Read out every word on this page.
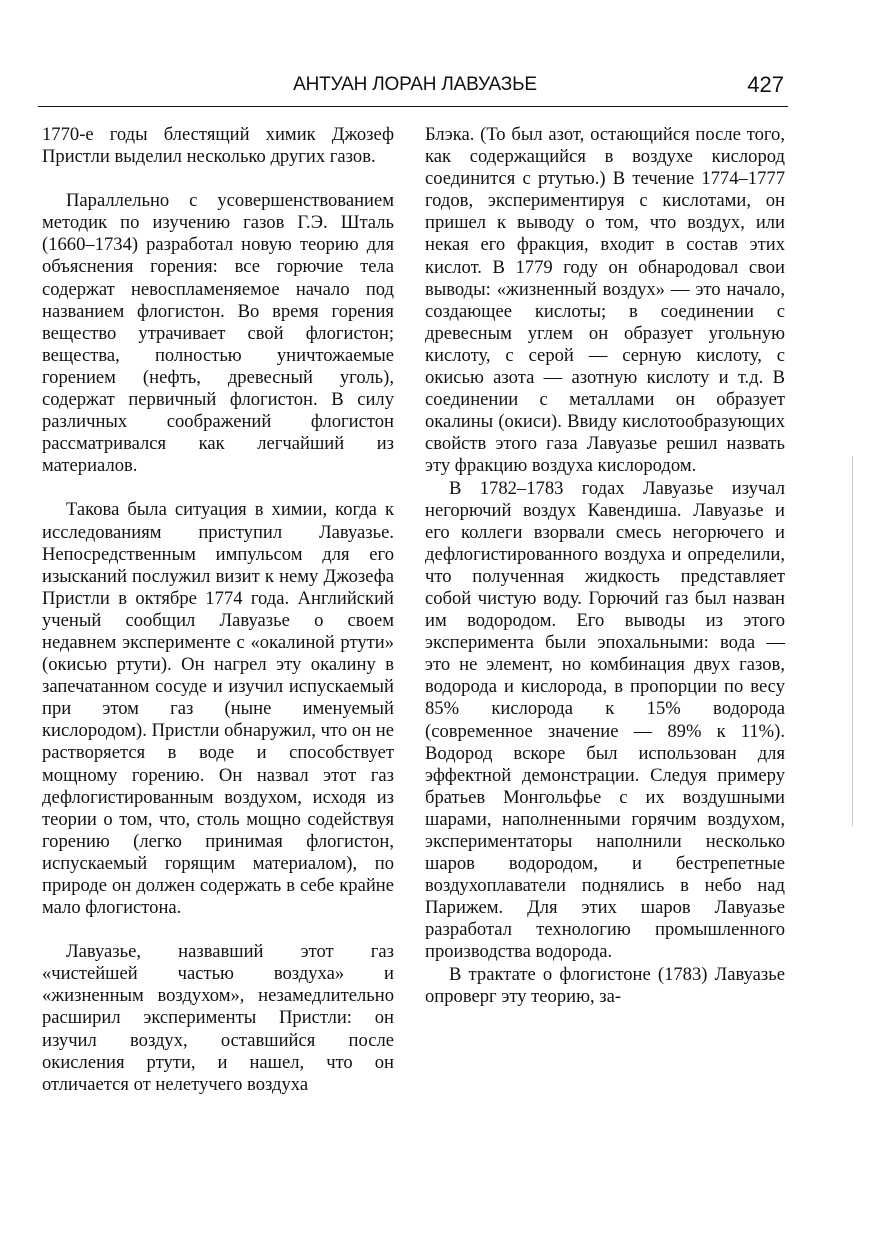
АНТУАН ЛОРАН ЛАВУАЗЬЕ	427

1770-е годы блестящий химик Джозеф Пристли выделил несколько других газов.

Параллельно с усовершенствованием методик по изучению газов Г.Э. Шталь (1660–1734) разработал новую теорию для объяснения горения: все горючие тела содержат невоспламеняемое начало под названием флогистон. Во время горения вещество утрачивает свой флогистон; вещества, полностью уничтожаемые горением (нефть, древесный уголь), содержат первичный флогистон. В силу различных соображений флогистон рассматривался как легчайший из материалов.

Такова была ситуация в химии, когда к исследованиям приступил Лавуазье. Непосредственным импульсом для его изысканий послужил визит к нему Джозефа Пристли в октябре 1774 года. Английский ученый сообщил Лавуазье о своем недавнем эксперименте с «окалиной ртути» (окисью ртути). Он нагрел эту окалину в запечатанном сосуде и изучил испускаемый при этом газ (ныне именуемый кислородом). Пристли обнаружил, что он не растворяется в воде и способствует мощному горению. Он назвал этот газ дефлогистированным воздухом, исходя из теории о том, что, столь мощно содействуя горению (легко принимая флогистон, испускаемый горящим материалом), по природе он должен содержать в себе крайне мало флогистона.

Лавуазье, назвавший этот газ «чистейшей частью воздуха» и «жизненным воздухом», незамедлительно расширил эксперименты Пристли: он изучил воздух, оставшийся после окисления ртути, и нашел, что он отличается от нелетучего воздуха

Блэка. (То был азот, остающийся после того, как содержащийся в воздухе кислород соединится с ртутью.) В течение 1774–1777 годов, экспериментируя с кислотами, он пришел к выводу о том, что воздух, или некая его фракция, входит в состав этих кислот. В 1779 году он обнародовал свои выводы: «жизненный воздух» — это начало, создающее кислоты; в соединении с древесным углем он образует угольную кислоту, с серой — серную кислоту, с окисью азота — азотную кислоту и т.д. В соединении с металлами он образует окалины (окиси). Ввиду кислотообразующих свойств этого газа Лавуазье решил назвать эту фракцию воздуха кислородом.

В 1782–1783 годах Лавуазье изучал негорючий воздух Кавендиша. Лавуазье и его коллеги взорвали смесь негорючего и дефлогистированного воздуха и определили, что полученная жидкость представляет собой чистую воду. Горючий газ был назван им водородом. Его выводы из этого эксперимента были эпохальными: вода — это не элемент, но комбинация двух газов, водорода и кислорода, в пропорции по весу 85% кислорода к 15% водорода (современное значение — 89% к 11%). Водород вскоре был использован для эффектной демонстрации. Следуя примеру братьев Монгольфье с их воздушными шарами, наполненными горячим воздухом, экспериментаторы наполнили несколько шаров водородом, и бестрепетные воздухоплаватели поднялись в небо над Парижем. Для этих шаров Лавуазье разработал технологию промышленного производства водорода.

В трактате о флогистоне (1783) Лавуазье опроверг эту теорию, за-
